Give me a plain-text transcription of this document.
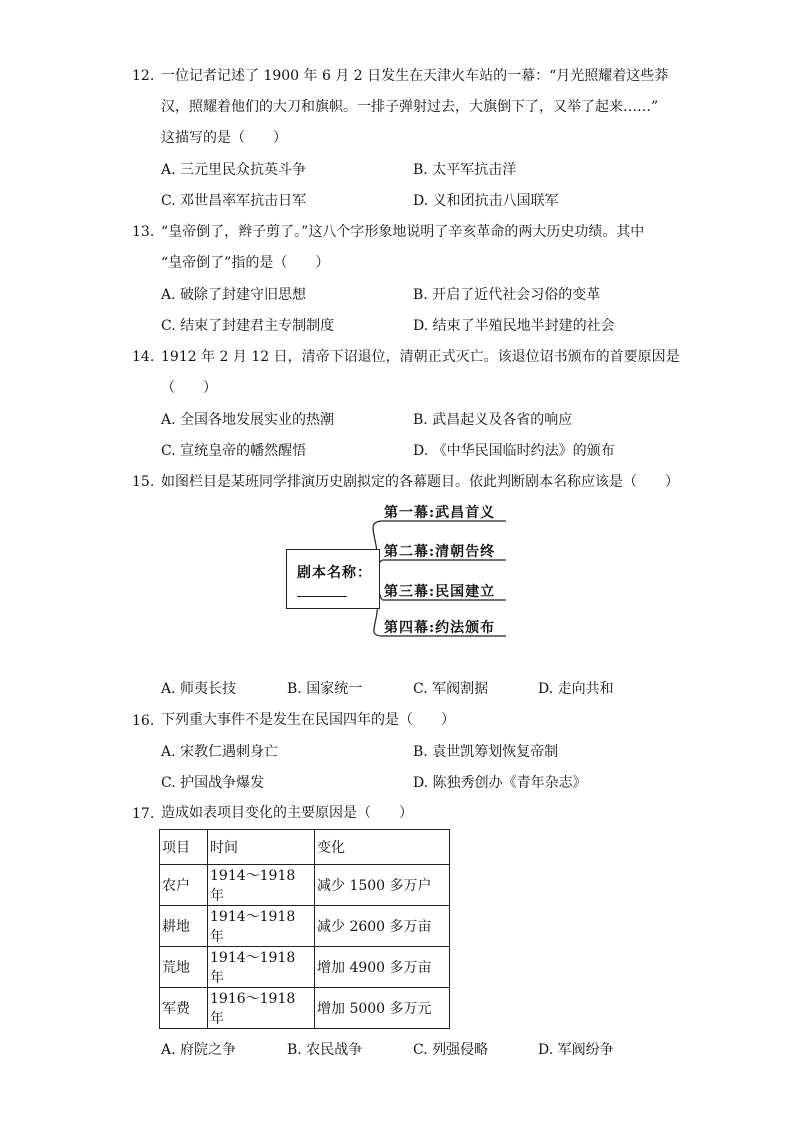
12. 一位记者记述了 1900 年 6 月 2 日发生在天津火车站的一幕：“月光照耀着这些莽
汉，照耀着他们的大刀和旗帜。一排子弹射过去，大旗倒下了，又举了起来……”
这描写的是（　　）
A. 三元里民众抗英斗争	B. 太平军抗击洋
C. 邓世昌率军抗击日军	D. 义和团抗击八国联军
13. “皇帝倒了，辫子剪了。”这八个字形象地说明了辛亥革命的两大历史功绩。其中
“皇帝倒了”指的是（　　）
A. 破除了封建守旧思想	B. 开启了近代社会习俗的变革
C. 结束了封建君主专制制度	D. 结束了半殖民地半封建的社会
14. 1912 年 2 月 12 日，清帝下诏退位，清朝正式灭亡。该退位诏书颁布的首要原因是
（　　）
A. 全国各地发展实业的热潮	B. 武昌起义及各省的响应
C. 宣统皇帝的幡然醒悟	D. 《中华民国临时约法》的颁布
15. 如图栏目是某班同学排演历史剧拟定的各幕题目。依此判断剧本名称应该是（　　）
剧本名称：
第一幕:武昌首义
第二幕:清朝告终
第三幕:民国建立
第四幕:约法颁布
A. 师夷长技	B. 国家统一	C. 军阀割据	D. 走向共和
16. 下列重大事件不是发生在民国四年的是（　　）
A. 宋教仁遇刺身亡	B. 袁世凯筹划恢复帝制
C. 护国战争爆发	D. 陈独秀创办《青年杂志》
17. 造成如表项目变化的主要原因是（　　）
项目	时间	变化
农户	1914～1918 年	减少 1500 多万户
耕地	1914～1918 年	减少 2600 多万亩
荒地	1914～1918 年	增加 4900 多万亩
军费	1916～1918 年	增加 5000 多万元
A. 府院之争	B. 农民战争	C. 列强侵略	D. 军阀纷争
